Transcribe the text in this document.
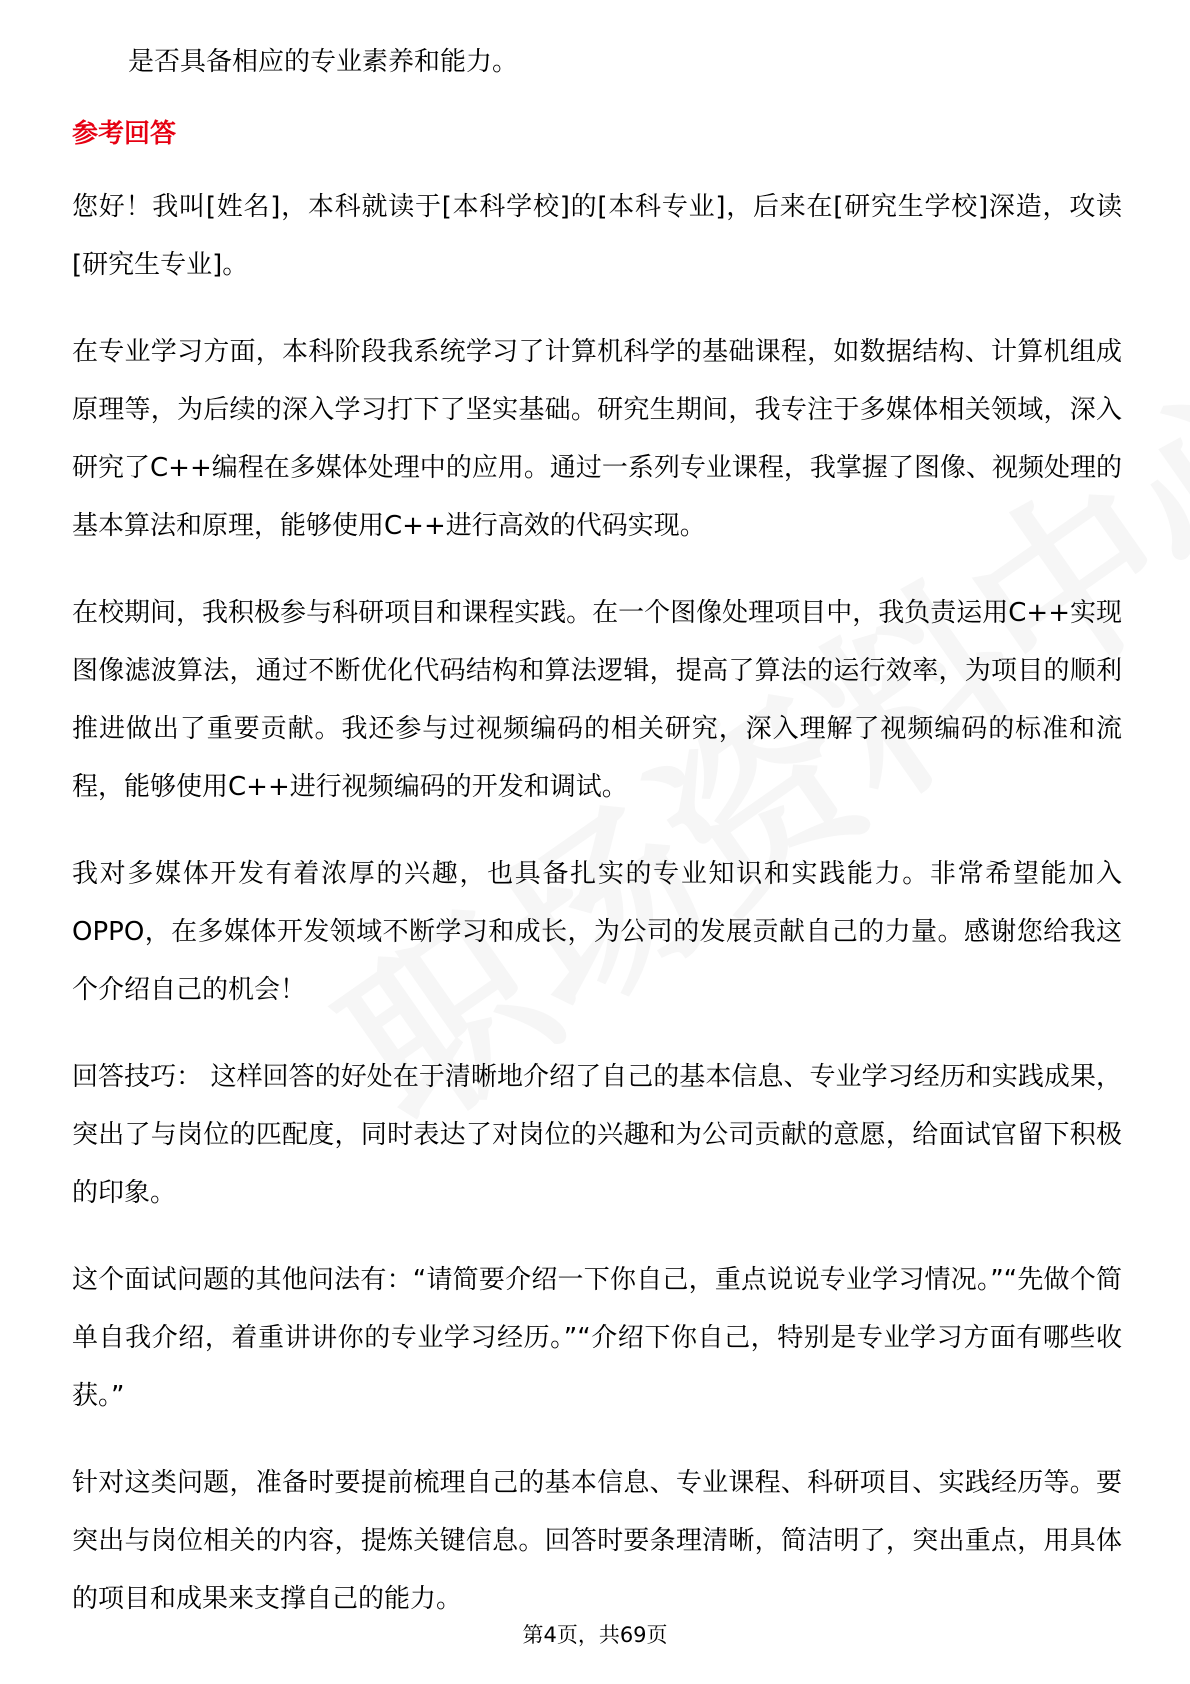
是否具备相应的专业素养和能力。

参考回答

您好！我叫[姓名]，本科就读于[本科学校]的[本科专业]，后来在[研究生学校]深造，攻读[研究生专业]。

在专业学习方面，本科阶段我系统学习了计算机科学的基础课程，如数据结构、计算机组成原理等，为后续的深入学习打下了坚实基础。研究生期间，我专注于多媒体相关领域，深入研究了C++编程在多媒体处理中的应用。通过一系列专业课程，我掌握了图像、视频处理的基本算法和原理，能够使用C++进行高效的代码实现。

在校期间，我积极参与科研项目和课程实践。在一个图像处理项目中，我负责运用C++实现图像滤波算法，通过不断优化代码结构和算法逻辑，提高了算法的运行效率，为项目的顺利推进做出了重要贡献。我还参与过视频编码的相关研究，深入理解了视频编码的标准和流程，能够使用C++进行视频编码的开发和调试。

我对多媒体开发有着浓厚的兴趣，也具备扎实的专业知识和实践能力。非常希望能加入OPPO，在多媒体开发领域不断学习和成长，为公司的发展贡献自己的力量。感谢您给我这个介绍自己的机会！

回答技巧： 这样回答的好处在于清晰地介绍了自己的基本信息、专业学习经历和实践成果，突出了与岗位的匹配度，同时表达了对岗位的兴趣和为公司贡献的意愿，给面试官留下积极的印象。

这个面试问题的其他问法有：“请简要介绍一下你自己，重点说说专业学习情况。”“先做个简单自我介绍，着重讲讲你的专业学习经历。”“介绍下你自己，特别是专业学习方面有哪些收获。”

针对这类问题，准备时要提前梳理自己的基本信息、专业课程、科研项目、实践经历等。要突出与岗位相关的内容，提炼关键信息。回答时要条理清晰，简洁明了，突出重点，用具体的项目和成果来支撑自己的能力。

第4页，共69页
